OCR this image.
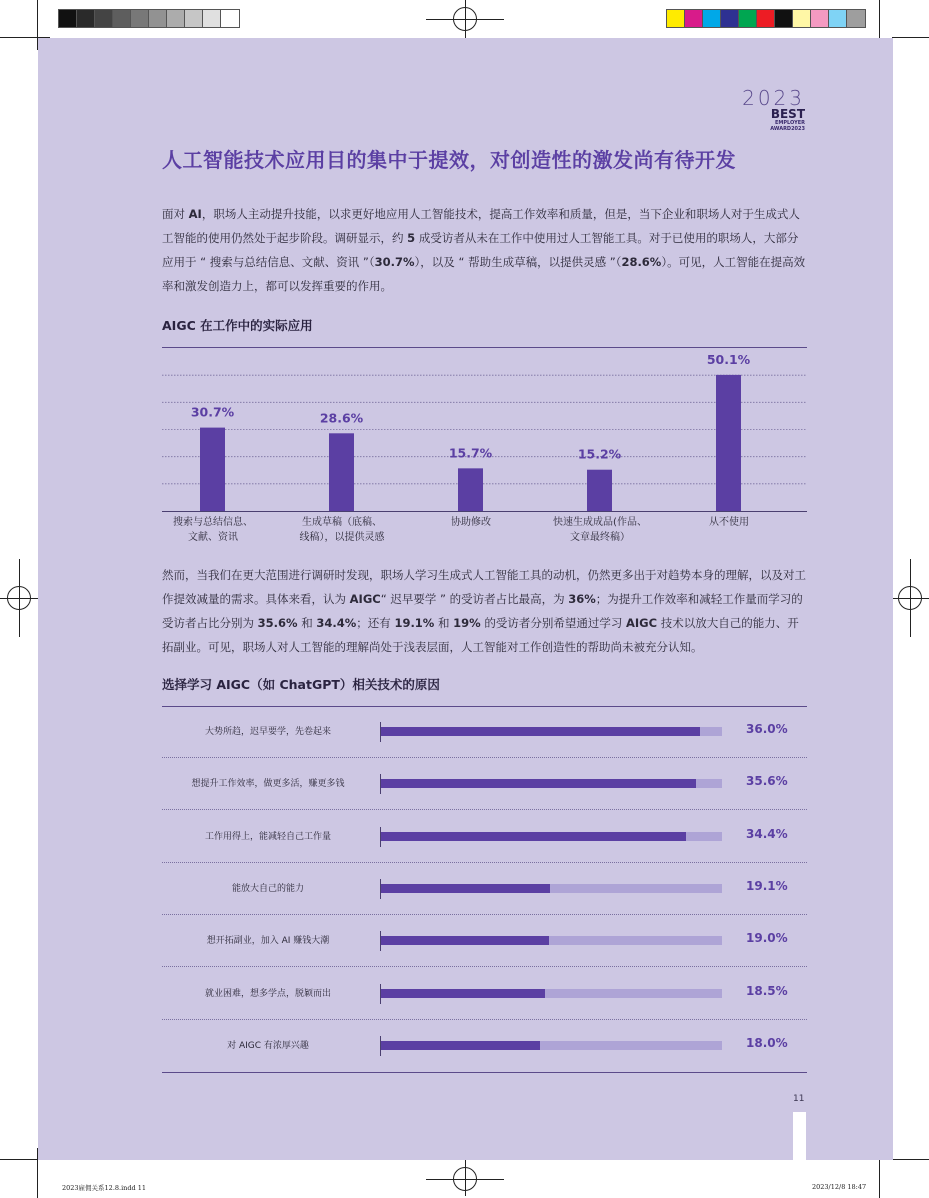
2023
BEST
EMPLOYER
AWARD2023
人工智能技术应用目的集中于提效，对创造性的激发尚有待开发

面对 AI，职场人主动提升技能，以求更好地应用人工智能技术，提高工作效率和质量，但是，当下企业和职场人对于生成式人工智能的使用仍然处于起步阶段。调研显示，约 5 成受访者从未在工作中使用过人工智能工具。对于已使用的职场人，大部分应用于 “ 搜索与总结信息、文献、资讯 ”（30.7%），以及 “ 帮助生成草稿，以提供灵感 ”（28.6%）。可见，人工智能在提高效率和激发创造力上，都可以发挥重要的作用。

AIGC 在工作中的实际应用
30.7%	28.6%
15.7%	15.2%
50.1%
搜索与总结信息、
文献、资讯
生成草稿（底稿、
线稿），以提供灵感
协助修改	快速生成成品(作品、
文章最终稿）
从不使用

然而，当我们在更大范围进行调研时发现，职场人学习生成式人工智能工具的动机，仍然更多出于对趋势本身的理解，以及对工作提效减量的需求。具体来看，认为 AIGC“ 迟早要学 ” 的受访者占比最高，为 36%；为提升工作效率和减轻工作量而学习的受访者占比分别为 35.6% 和 34.4%；还有 19.1% 和 19% 的受访者分别希望通过学习 AIGC 技术以放大自己的能力、开拓副业。可见，职场人对人工智能的理解尚处于浅表层面，人工智能对工作创造性的帮助尚未被充分认知。

选择学习 AIGC（如 ChatGPT）相关技术的原因
大势所趋，迟早要学，先卷起来	36.0%
想提升工作效率，做更多活，赚更多钱	35.6%
工作用得上，能减轻自己工作量	34.4%
能放大自己的能力	19.1%
想开拓副业，加入 AI 赚钱大潮	19.0%
就业困难，想多学点，脱颖而出	18.5%
对 AIGC 有浓厚兴趣	18.0%
11
2023雇佣关系12.8.indd 11	2023/12/8 18:47
